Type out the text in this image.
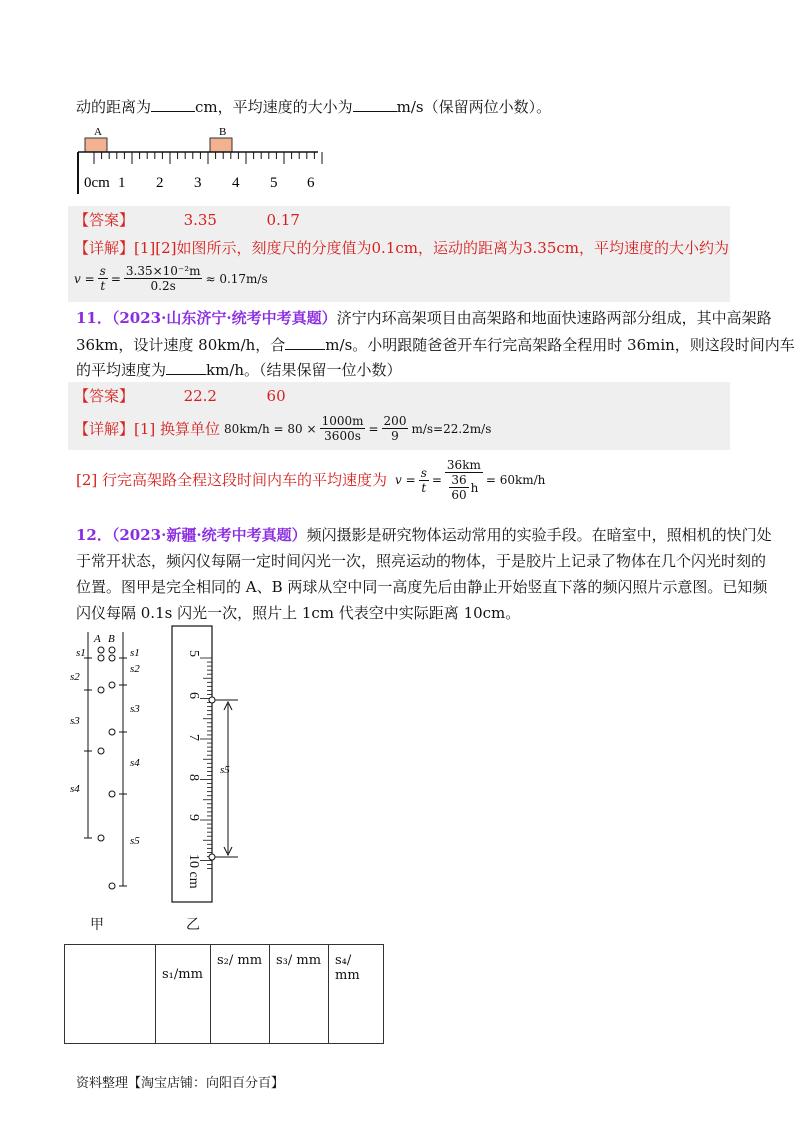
动的距离为	cm，平均速度的大小为	m/s（保留两位小数）。
A	B
0cm 1 2 3 4 5 6
【答案】	3.35	0.17
【详解】[1][2]如图所示，刻度尺的分度值为0.1cm，运动的距离为3.35cm，平均速度的大小约为
$v = \frac{s}{t} = \frac{\text{3.35×10⁻²m}}{0.2s} \approx 0.17m/s$
11．（2023·山东济宁·统考中考真题）济宁内环高架项目由高架路和地面快速路两部分组成，其中高架路
36km，设计速度 80km/h，合	m/s。小明跟随爸爸开车行完高架路全程用时 36min，则这段时间内车
的平均速度为	km/h。（结果保留一位小数）
【答案】	22.2	60
【详解】[1] 换算单位 $80km/h = 80 \times \frac{1000m}{3600s} = \frac{200}{9} m/s=22.2m/s$
[2] 行完高架路全程这段时间内车的平均速度为 $v = \frac{s}{t} = \frac{36km}{\frac{36}{60} h} = 60km/h$
12．（2023·新疆·统考中考真题）频闪摄影是研究物体运动常用的实验手段。在暗室中，照相机的快门处
于常开状态，频闪仪每隔一定时间闪光一次，照亮运动的物体，于是胶片上记录了物体在几个闪光时刻的
位置。图甲是完全相同的 A、B 两球从空中同一高度先后由静止开始竖直下落的频闪照片示意图。已知频
闪仪每隔 0.1s 闪光一次，照片上 1cm 代表空中实际距离 10cm。
A B
s1
s2
s3
s4
s1
s2
s3
s4
s5
5
6
7
8
9
10 cm
s5
甲	乙
	s₁/mm	s₂/ mm	s₃/ mm	s₄/ mm
资料整理【淘宝店铺：向阳百分百】
